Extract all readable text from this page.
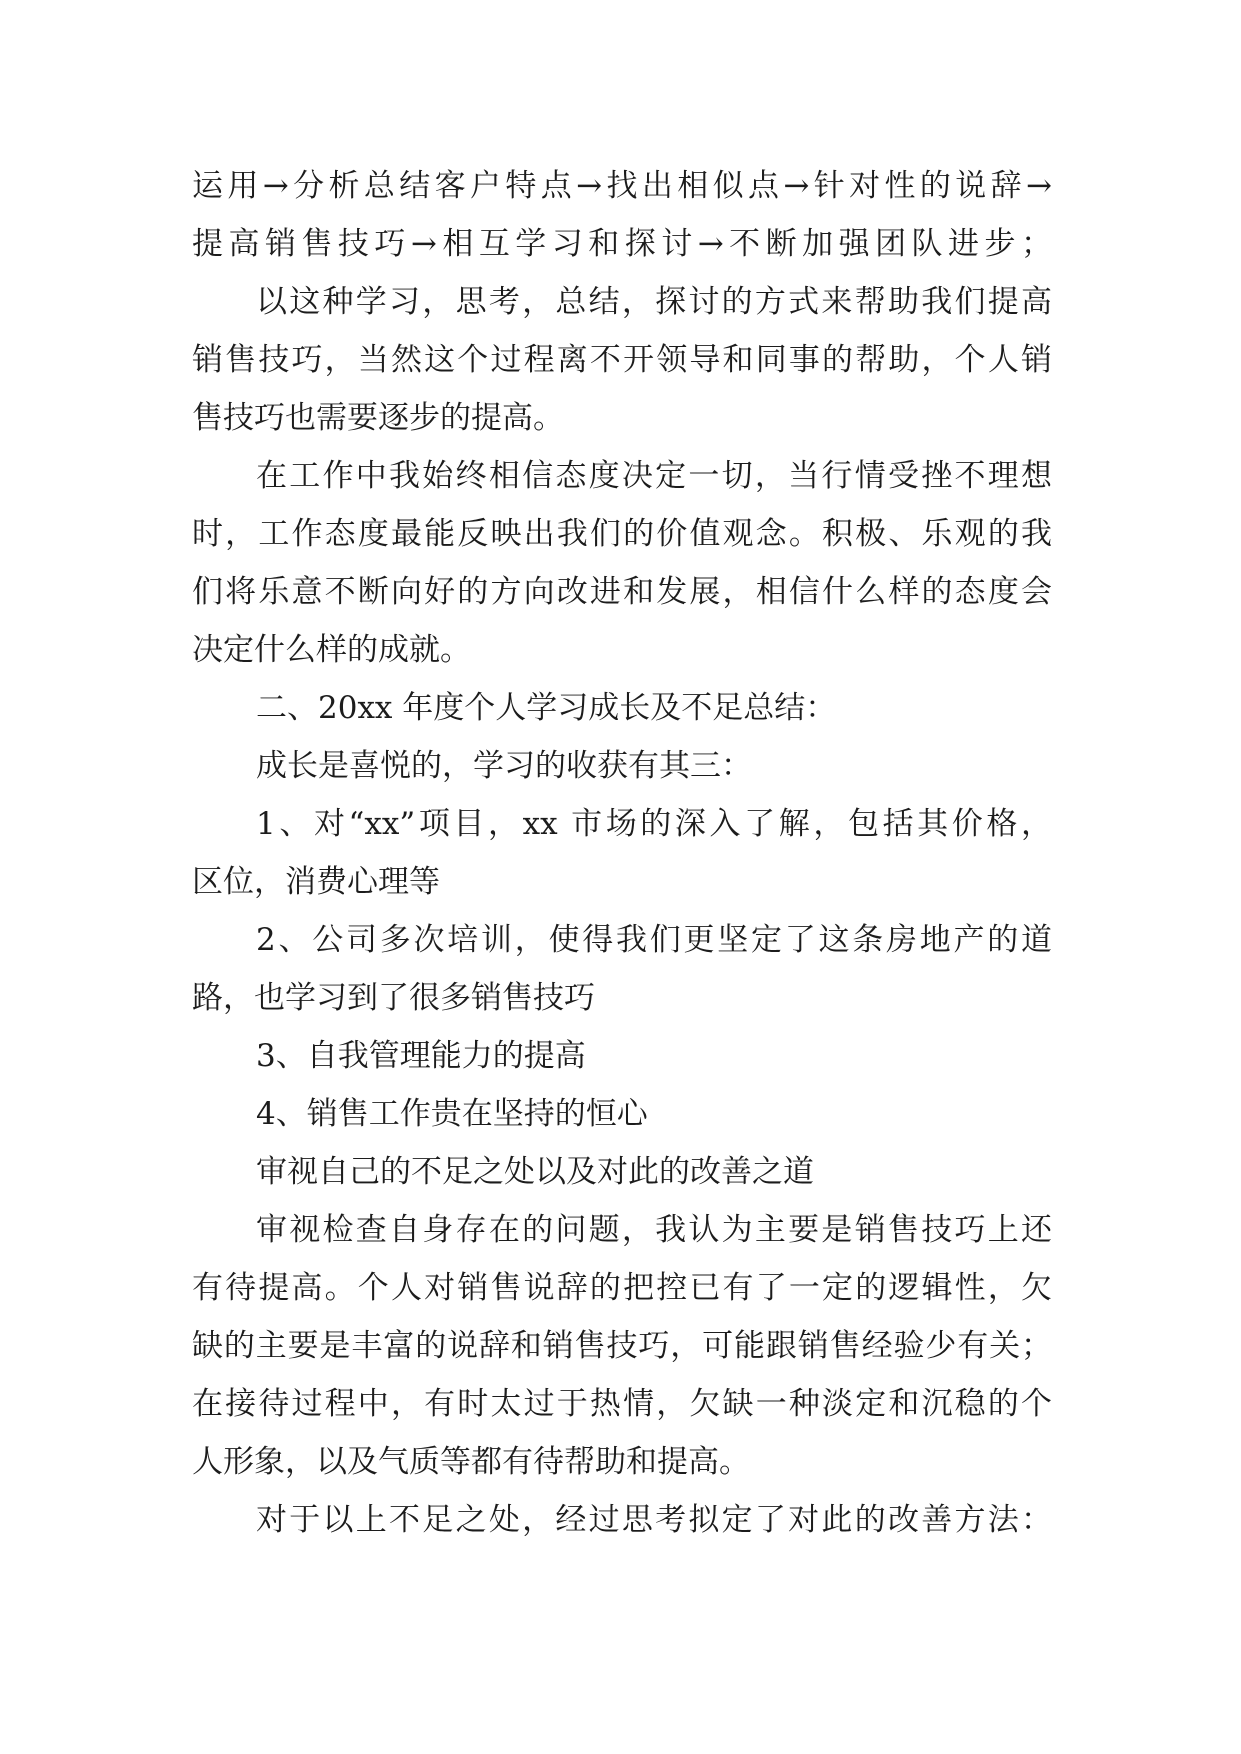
运用→分析总结客户特点→找出相似点→针对性的说辞→
提高销售技巧→相互学习和探讨→不断加强团队进步；
以这种学习，思考，总结，探讨的方式来帮助我们提高
销售技巧，当然这个过程离不开领导和同事的帮助，个人销
售技巧也需要逐步的提高。
在工作中我始终相信态度决定一切，当行情受挫不理想
时，工作态度最能反映出我们的价值观念。积极、乐观的我
们将乐意不断向好的方向改进和发展，相信什么样的态度会
决定什么样的成就。
二、20xx 年度个人学习成长及不足总结：
成长是喜悦的，学习的收获有其三：
1、对“xx”项目，xx 市场的深入了解，包括其价格，
区位，消费心理等
2、公司多次培训，使得我们更坚定了这条房地产的道
路，也学习到了很多销售技巧
3、自我管理能力的提高
4、销售工作贵在坚持的恒心
审视自己的不足之处以及对此的改善之道
审视检查自身存在的问题，我认为主要是销售技巧上还
有待提高。个人对销售说辞的把控已有了一定的逻辑性，欠
缺的主要是丰富的说辞和销售技巧，可能跟销售经验少有关；
在接待过程中，有时太过于热情，欠缺一种淡定和沉稳的个
人形象，以及气质等都有待帮助和提高。
对于以上不足之处，经过思考拟定了对此的改善方法：
